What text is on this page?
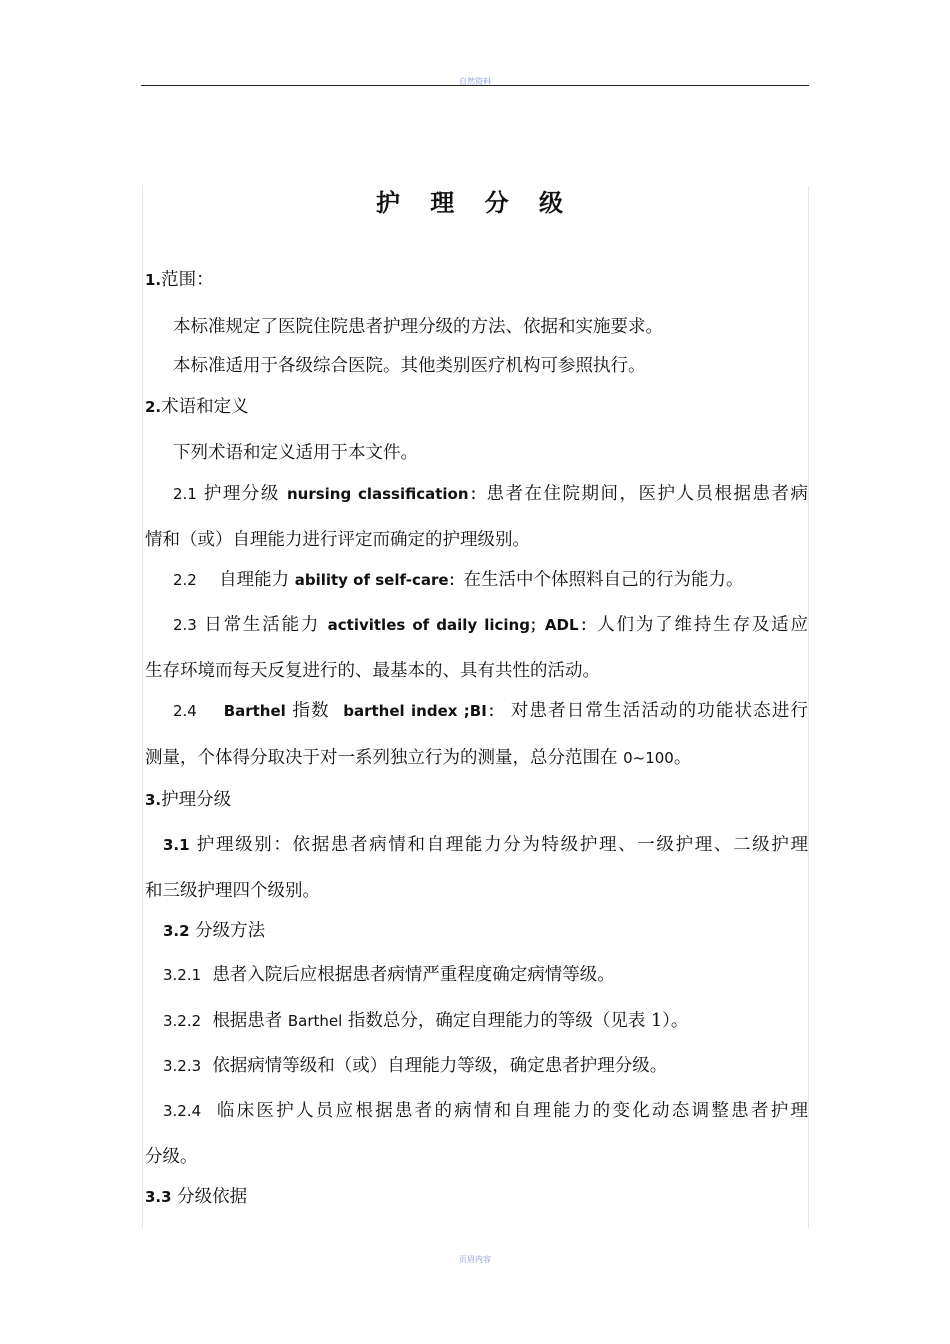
自然资料
护 理 分 级
1.范围：
本标准规定了医院住院患者护理分级的方法、依据和实施要求。
本标准适用于各级综合医院。其他类别医疗机构可参照执行。
2.术语和定义
下列术语和定义适用于本文件。
2.1 护理分级 nursing classification：患者在住院期间，医护人员根据患者病
情和（或）自理能力进行评定而确定的护理级别。
2.2 自理能力 ability of self-care：在生活中个体照料自己的行为能力。
2.3 日常生活能力 activitles of daily licing；ADL：人们为了维持生存及适应
生存环境而每天反复进行的、最基本的、具有共性的活动。
2.4 Barthel 指数 barthel index ;BI： 对患者日常生活活动的功能状态进行
测量，个体得分取决于对一系列独立行为的测量，总分范围在 0~100。
3.护理分级
3.1 护理级别：依据患者病情和自理能力分为特级护理、一级护理、二级护理
和三级护理四个级别。
3.2 分级方法
3.2.1 患者入院后应根据患者病情严重程度确定病情等级。
3.2.2 根据患者 Barthel 指数总分，确定自理能力的等级（见表 1）。
3.2.3 依据病情等级和（或）自理能力等级，确定患者护理分级。
3.2.4 临床医护人员应根据患者的病情和自理能力的变化动态调整患者护理
分级。
3.3 分级依据
页眉内容
